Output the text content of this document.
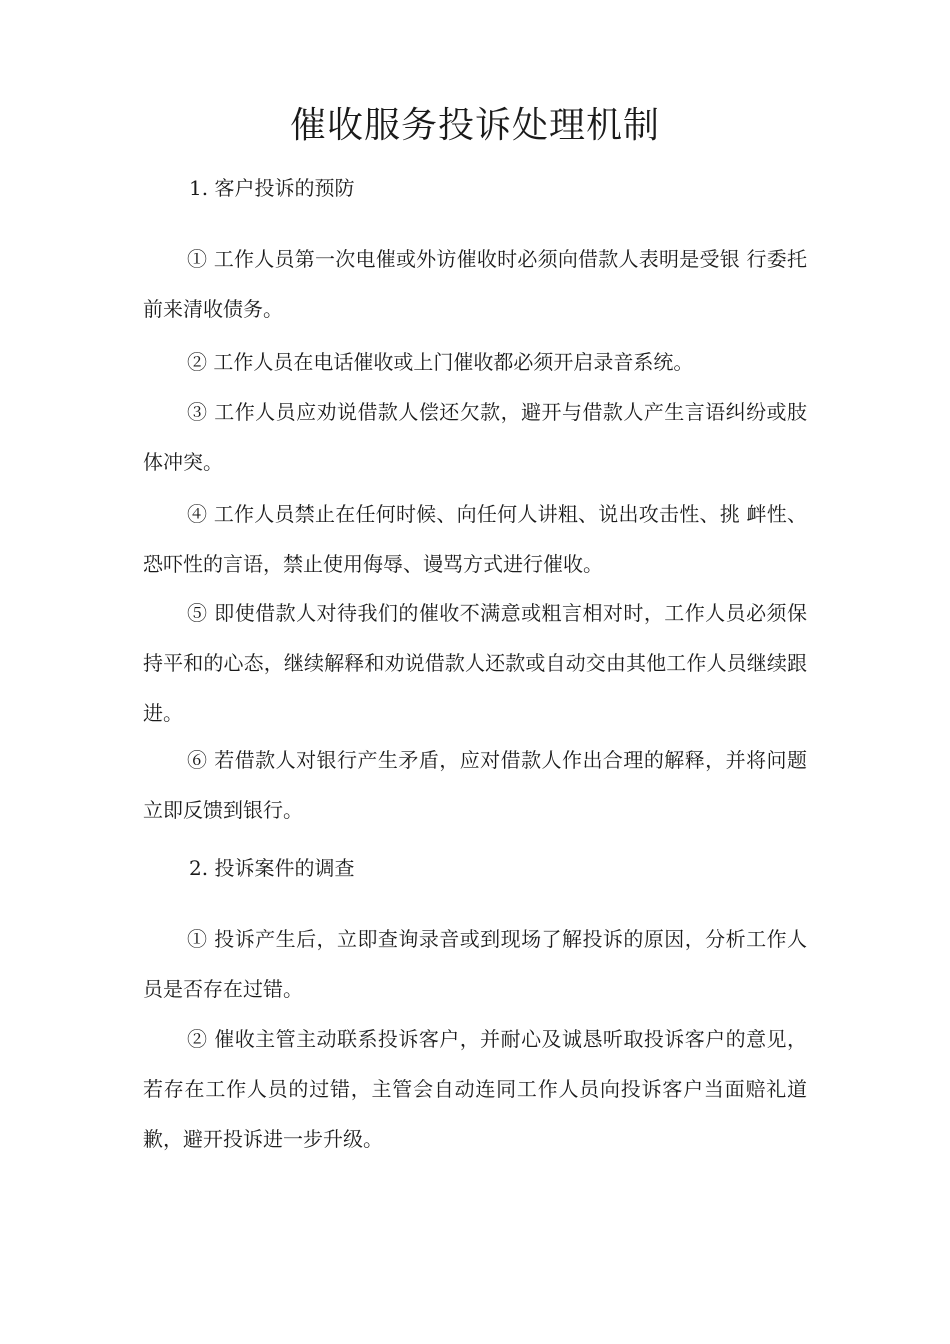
催收服务投诉处理机制
1. 客户投诉的预防

① 工作人员第一次电催或外访催收时必须向借款人表明是受银 行委托前来清收债务。

② 工作人员在电话催收或上门催收都必须开启录音系统。

③ 工作人员应劝说借款人偿还欠款，避开与借款人产生言语纠纷或肢体冲突。

④ 工作人员禁止在任何时候、向任何人讲粗、说出攻击性、挑 衅性、恐吓性的言语，禁止使用侮辱、谩骂方式进行催收。

⑤ 即使借款人对待我们的催收不满意或粗言相对时，工作人员必须保持平和的心态，继续解释和劝说借款人还款或自动交由其他工作人员继续跟进。

⑥ 若借款人对银行产生矛盾，应对借款人作出合理的解释，并将问题立即反馈到银行。

2. 投诉案件的调查

① 投诉产生后，立即查询录音或到现场了解投诉的原因，分析工作人员是否存在过错。

② 催收主管主动联系投诉客户，并耐心及诚恳听取投诉客户的意见，若存在工作人员的过错，主管会自动连同工作人员向投诉客户当面赔礼道歉，避开投诉进一步升级。
